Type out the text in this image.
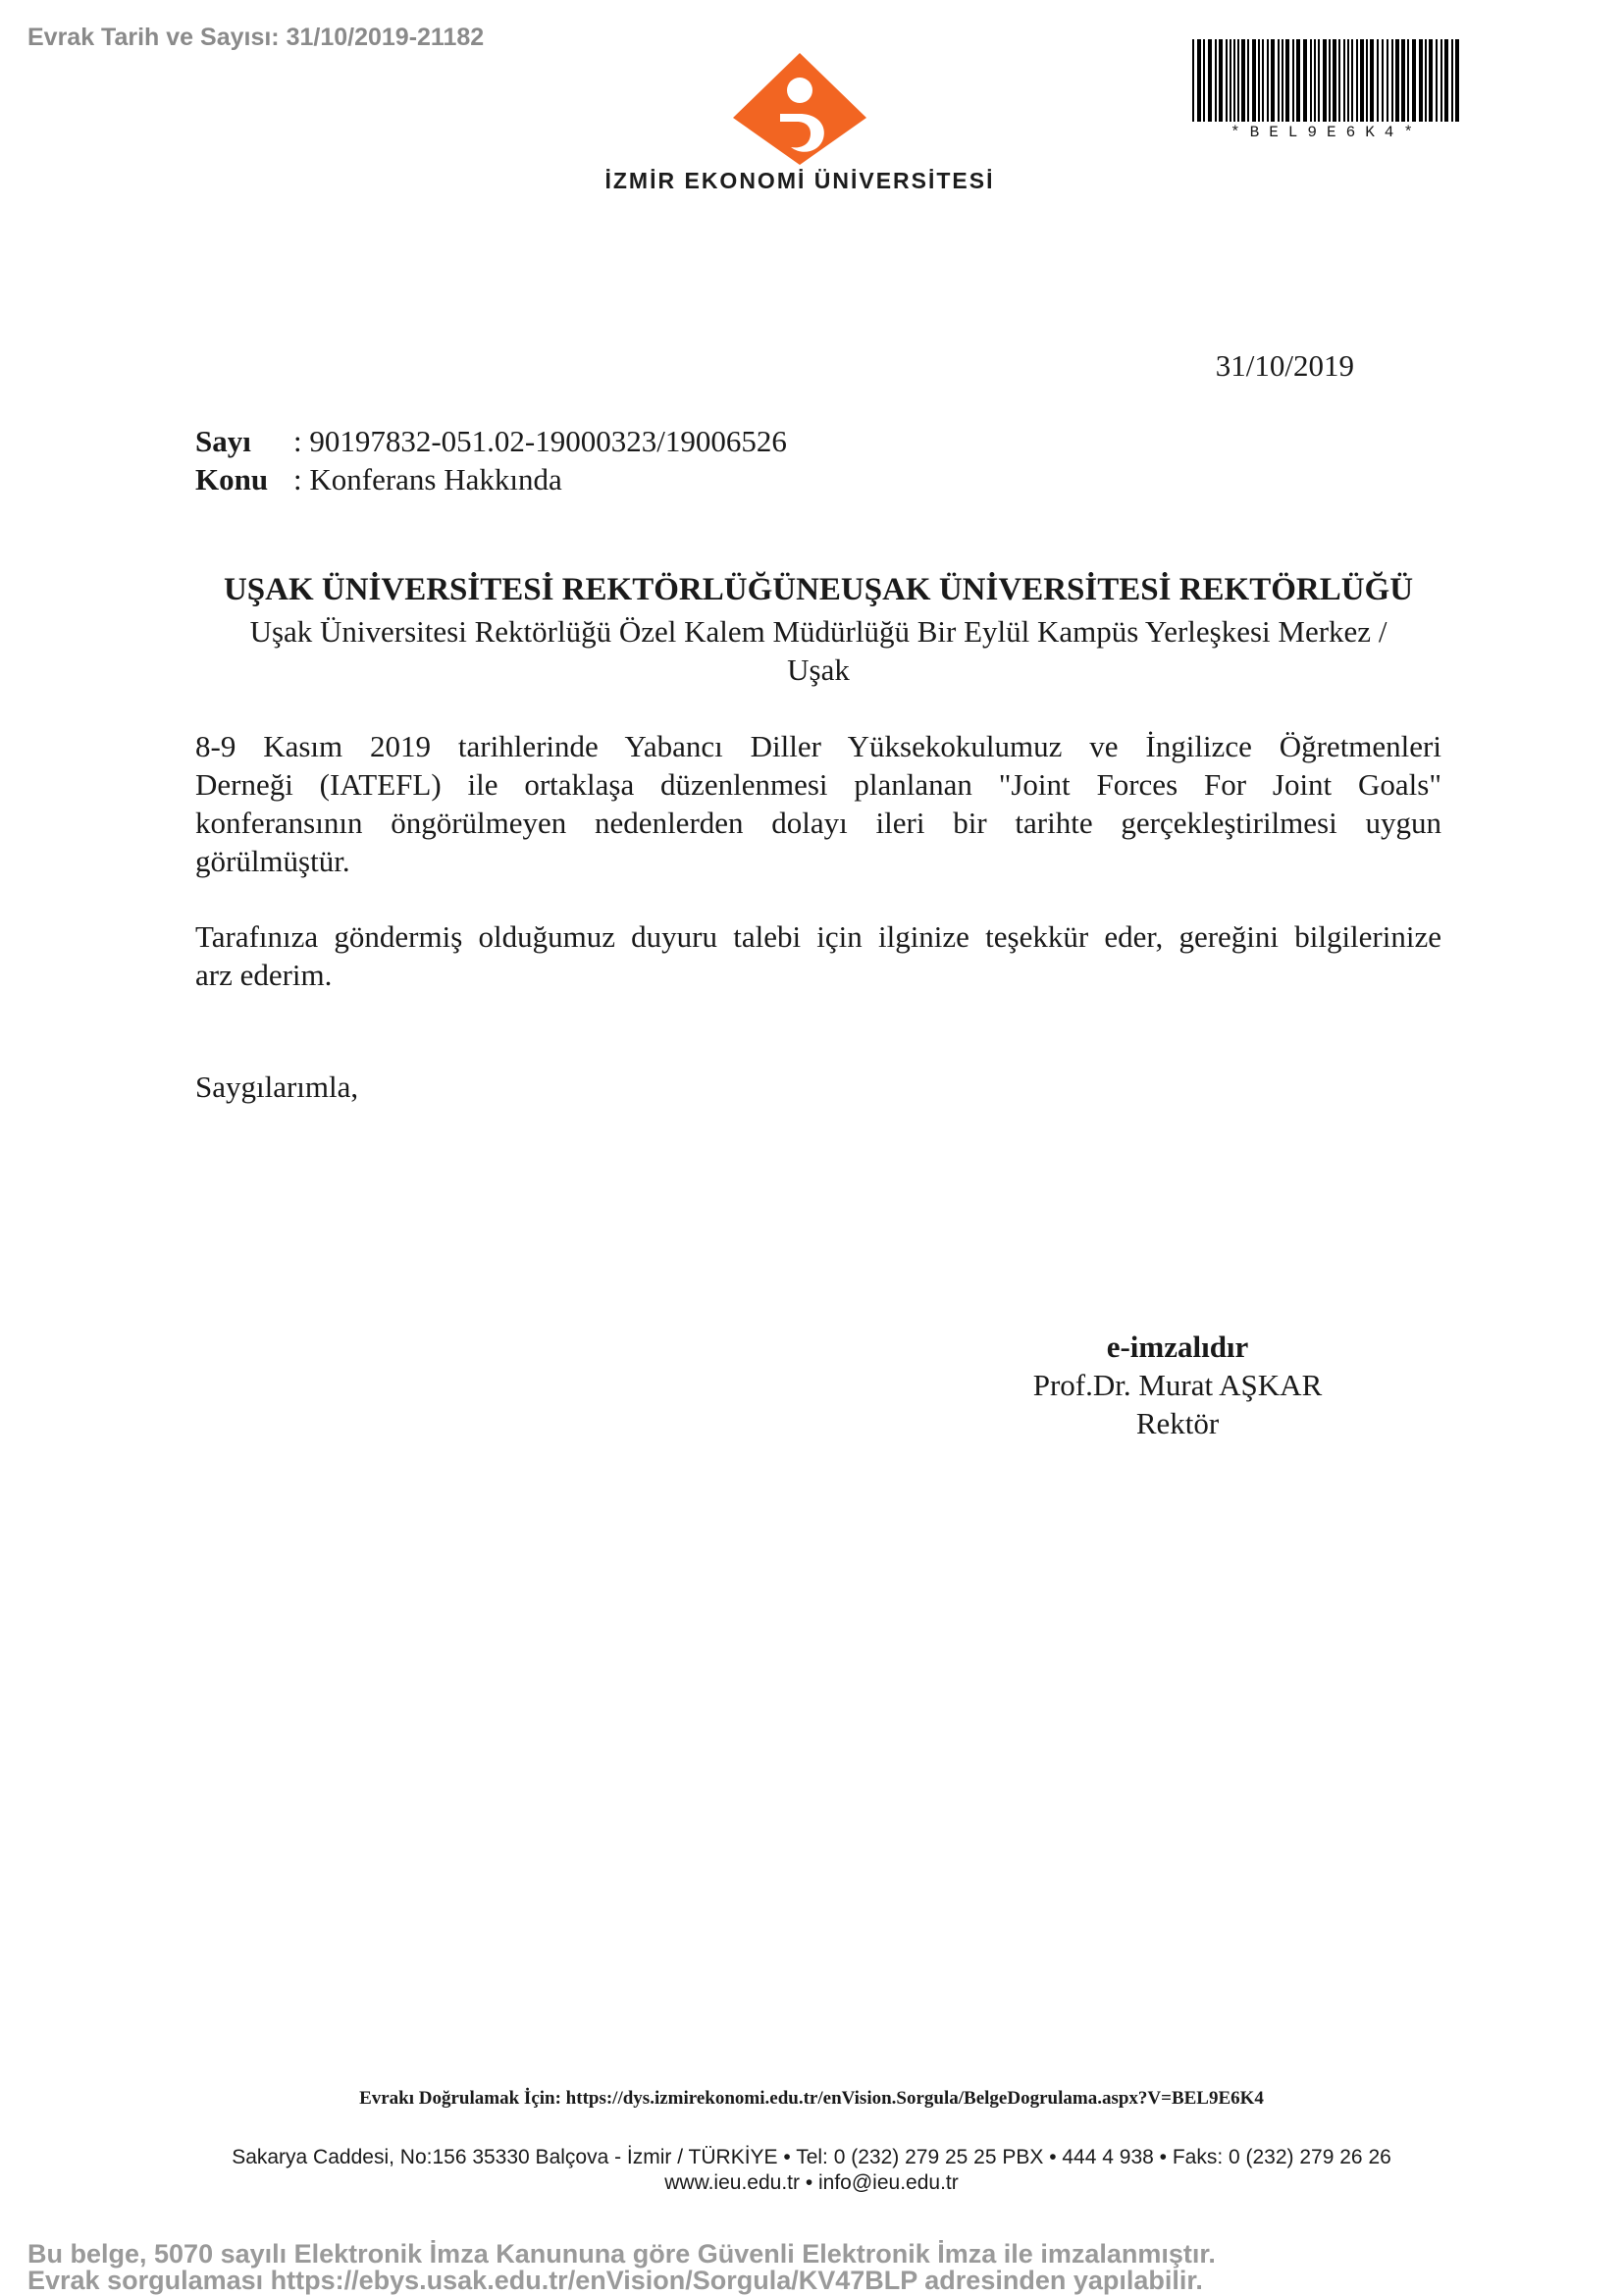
Evrak Tarih ve Sayısı: 31/10/2019-21182
İZMİR EKONOMİ ÜNİVERSİTESİ
*BEL9E6K4*
31/10/2019
Sayı : 90197832-051.02-19000323/19006526
Konu : Konferans Hakkında
UŞAK ÜNİVERSİTESİ REKTÖRLÜĞÜNEUŞAK ÜNİVERSİTESİ REKTÖRLÜĞÜ
Uşak Üniversitesi Rektörlüğü Özel Kalem Müdürlüğü Bir Eylül Kampüs Yerleşkesi Merkez /
Uşak
8-9 Kasım 2019 tarihlerinde Yabancı Diller Yüksekokulumuz ve İngilizce Öğretmenleri
Derneği (IATEFL) ile ortaklaşa düzenlenmesi planlanan "Joint Forces For Joint Goals"
konferansının öngörülmeyen nedenlerden dolayı ileri bir tarihte gerçekleştirilmesi uygun
görülmüştür.
Tarafınıza göndermiş olduğumuz duyuru talebi için ilginize teşekkür eder, gereğini bilgilerinize
arz ederim.
Saygılarımla,
e-imzalıdır
Prof.Dr. Murat AŞKAR
Rektör
Evrakı Doğrulamak İçin: https://dys.izmirekonomi.edu.tr/enVision.Sorgula/BelgeDogrulama.aspx?V=BEL9E6K4
Sakarya Caddesi, No:156 35330 Balçova - İzmir / TÜRKİYE • Tel: 0 (232) 279 25 25 PBX • 444 4 938 • Faks: 0 (232) 279 26 26
www.ieu.edu.tr • info@ieu.edu.tr
Bu belge, 5070 sayılı Elektronik İmza Kanununa göre Güvenli Elektronik İmza ile imzalanmıştır.
Evrak sorgulaması https://ebys.usak.edu.tr/enVision/Sorgula/KV47BLP adresinden yapılabilir.
